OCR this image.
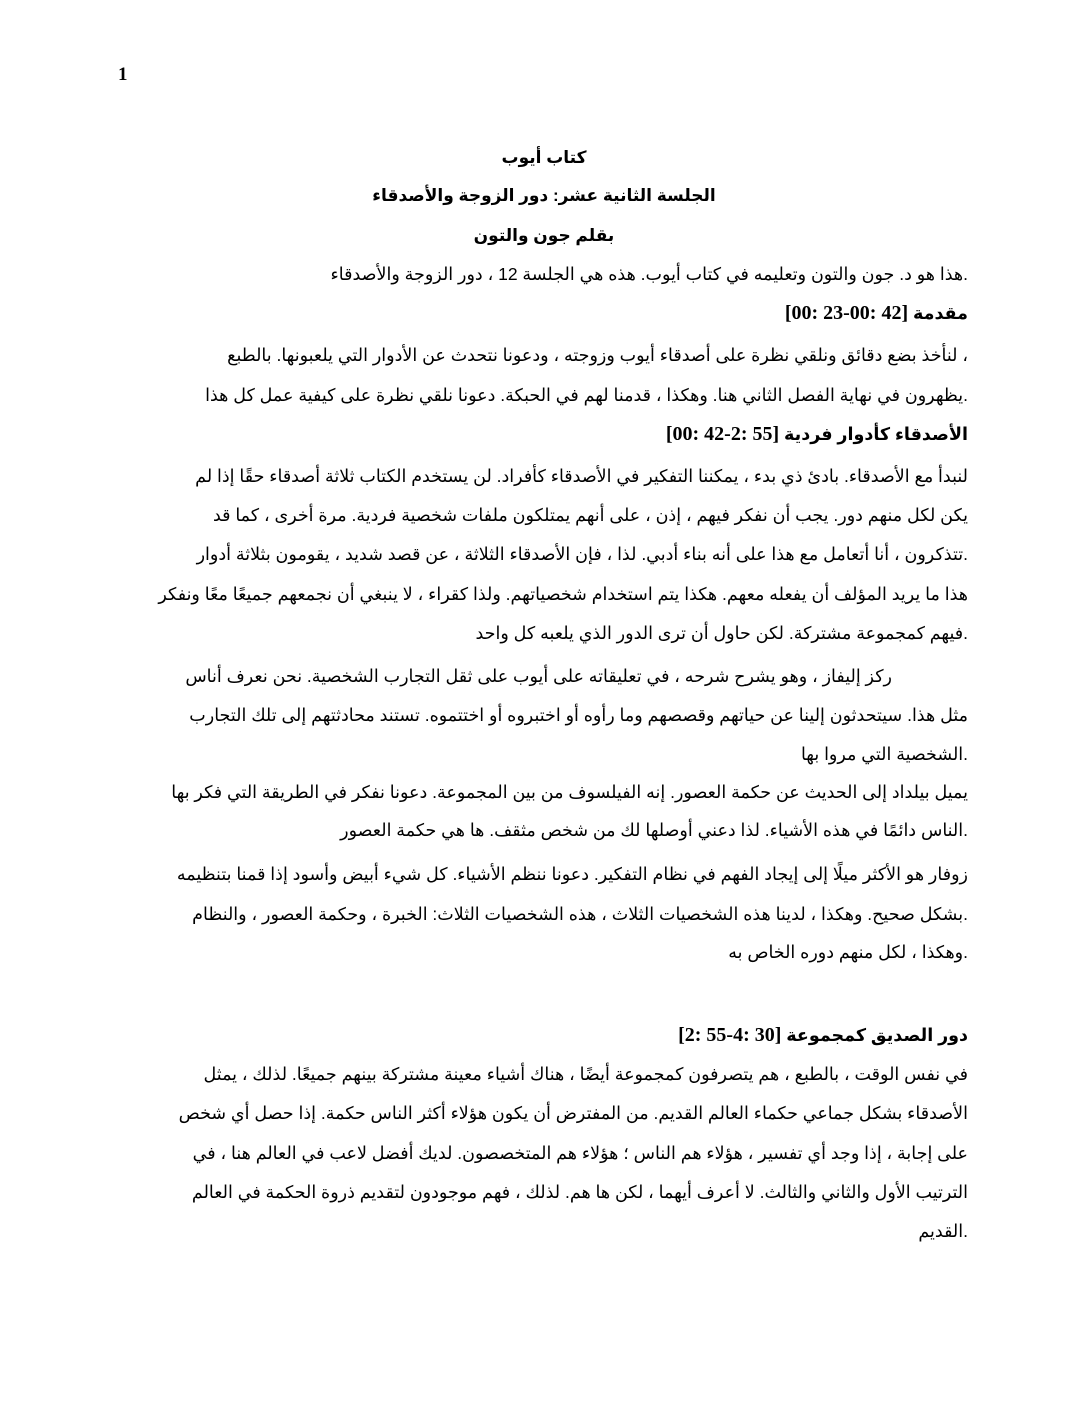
1
كتاب أيوب
الجلسة الثانية عشر: دور الزوجة والأصدقاء
بقلم جون والتون
.هذا هو د. جون والتون وتعليمه في كتاب أيوب. هذه هي الجلسة 12 ، دور الزوجة والأصدقاء
مقدمة [00: 23-00: 42]
، لنأخذ بضع دقائق ونلقي نظرة على أصدقاء أيوب وزوجته ، ودعونا نتحدث عن الأدوار التي يلعبونها. بالطبع
.يظهرون في نهاية الفصل الثاني هنا. وهكذا ، قدمنا لهم في الحبكة. دعونا نلقي نظرة على كيفية عمل كل هذا
الأصدقاء كأدوار فردية [00: 42-2: 55]
لنبدأ مع الأصدقاء. بادئ ذي بدء ، يمكننا التفكير في الأصدقاء كأفراد. لن يستخدم الكتاب ثلاثة أصدقاء حقًا إذا لم
يكن لكل منهم دور. يجب أن نفكر فيهم ، إذن ، على أنهم يمتلكون ملفات شخصية فردية. مرة أخرى ، كما قد
.تتذكرون ، أنا أتعامل مع هذا على أنه بناء أدبي. لذا ، فإن الأصدقاء الثلاثة ، عن قصد شديد ، يقومون بثلاثة أدوار
هذا ما يريد المؤلف أن يفعله معهم. هكذا يتم استخدام شخصياتهم. ولذا كقراء ، لا ينبغي أن نجمعهم جميعًا معًا ونفكر
.فيهم كمجموعة مشتركة. لكن حاول أن ترى الدور الذي يلعبه كل واحد
ركز إليفاز ، وهو يشرح شرحه ، في تعليقاته على أيوب على ثقل التجارب الشخصية. نحن نعرف أناس
مثل هذا. سيتحدثون إلينا عن حياتهم وقصصهم وما رأوه أو اختبروه أو اختتموه. تستند محادثتهم إلى تلك التجارب
.الشخصية التي مروا بها
يميل بيلداد إلى الحديث عن حكمة العصور. إنه الفيلسوف من بين المجموعة. دعونا نفكر في الطريقة التي فكر بها
.الناس دائمًا في هذه الأشياء. لذا دعني أوصلها لك من شخص مثقف. ها هي حكمة العصور
زوفار هو الأكثر ميلًا إلى إيجاد الفهم في نظام التفكير. دعونا ننظم الأشياء. كل شيء أبيض وأسود إذا قمنا بتنظيمه
.بشكل صحيح. وهكذا ، لدينا هذه الشخصيات الثلاث ، هذه الشخصيات الثلاث: الخبرة ، وحكمة العصور ، والنظام
.وهكذا ، لكل منهم دوره الخاص به
دور الصديق كمجموعة [2: 55-4: 30]
في نفس الوقت ، بالطبع ، هم يتصرفون كمجموعة أيضًا ، هناك أشياء معينة مشتركة بينهم جميعًا. لذلك ، يمثل
الأصدقاء بشكل جماعي حكماء العالم القديم. من المفترض أن يكون هؤلاء أكثر الناس حكمة. إذا حصل أي شخص
على إجابة ، إذا وجد أي تفسير ، هؤلاء هم الناس ؛ هؤلاء هم المتخصصون. لديك أفضل لاعب في العالم هنا ، في
الترتيب الأول والثاني والثالث. لا أعرف أيهما ، لكن ها هم. لذلك ، فهم موجودون لتقديم ذروة الحكمة في العالم
.القديم
